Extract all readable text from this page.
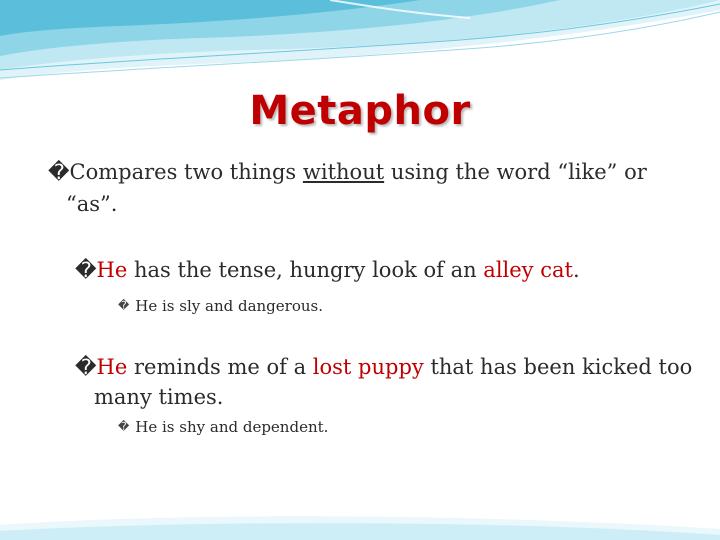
Metaphor
�Compares two things without using the word “like” or
“as”.
�He has the tense, hungry look of an alley cat.
� He is sly and dangerous.
�He reminds me of a lost puppy that has been kicked too
many times.
� He is shy and dependent.
